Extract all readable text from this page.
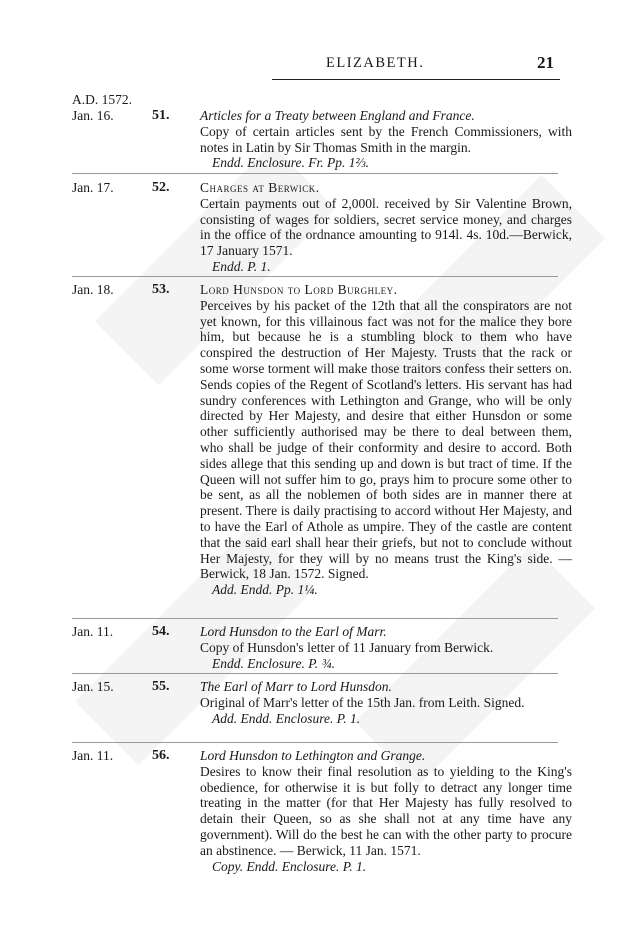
ELIZABETH.	21
A.D. 1572.
Jan. 16.	51. Articles for a Treaty between England and France.

Copy of certain articles sent by the French Commissioners, with notes in Latin by Sir Thomas Smith in the margin.

Endd. Enclosure. Fr. Pp. 1⅔.

Jan. 17.	52. Charges at Berwick.

Certain payments out of 2,000l. received by Sir Valentine Brown, consisting of wages for soldiers, secret service money, and charges in the office of the ordnance amounting to 914l. 4s. 10d.—Berwick, 17 January 1571.

Endd. P. 1.

Jan. 18.	53. Lord Hunsdon to Lord Burghley.

Perceives by his packet of the 12th that all the conspirators are not yet known, for this villainous fact was not for the malice they bore him, but because he is a stumbling block to them who have conspired the destruction of Her Majesty. Trusts that the rack or some worse torment will make those traitors confess their setters on. Sends copies of the Regent of Scotland's letters. His servant has had sundry conferences with Lethington and Grange, who will be only directed by Her Majesty, and desire that either Hunsdon or some other sufficiently authorised may be there to deal between them, who shall be judge of their conformity and desire to accord. Both sides allege that this sending up and down is but tract of time. If the Queen will not suffer him to go, prays him to procure some other to be sent, as all the noblemen of both sides are in manner there at present. There is daily practising to accord without Her Majesty, and to have the Earl of Athole as umpire. They of the castle are content that the said earl shall hear their griefs, but not to conclude without Her Majesty, for they will by no means trust the King's side. —Berwick, 18 Jan. 1572. Signed.

Add. Endd. Pp. 1¼.

Jan. 11.	54. Lord Hunsdon to the Earl of Marr.

Copy of Hunsdon's letter of 11 January from Berwick.

Endd. Enclosure. P. ¾.

Jan. 15.	55. The Earl of Marr to Lord Hunsdon.

Original of Marr's letter of the 15th Jan. from Leith. Signed.

Add. Endd. Enclosure. P. 1.

Jan. 11.	56. Lord Hunsdon to Lethington and Grange.

Desires to know their final resolution as to yielding to the King's obedience, for otherwise it is but folly to detract any longer time treating in the matter (for that Her Majesty has fully resolved to detain their Queen, so as she shall not at any time have any government). Will do the best he can with the other party to procure an abstinence. — Berwick, 11 Jan. 1571.

Copy. Endd. Enclosure. P. 1.
